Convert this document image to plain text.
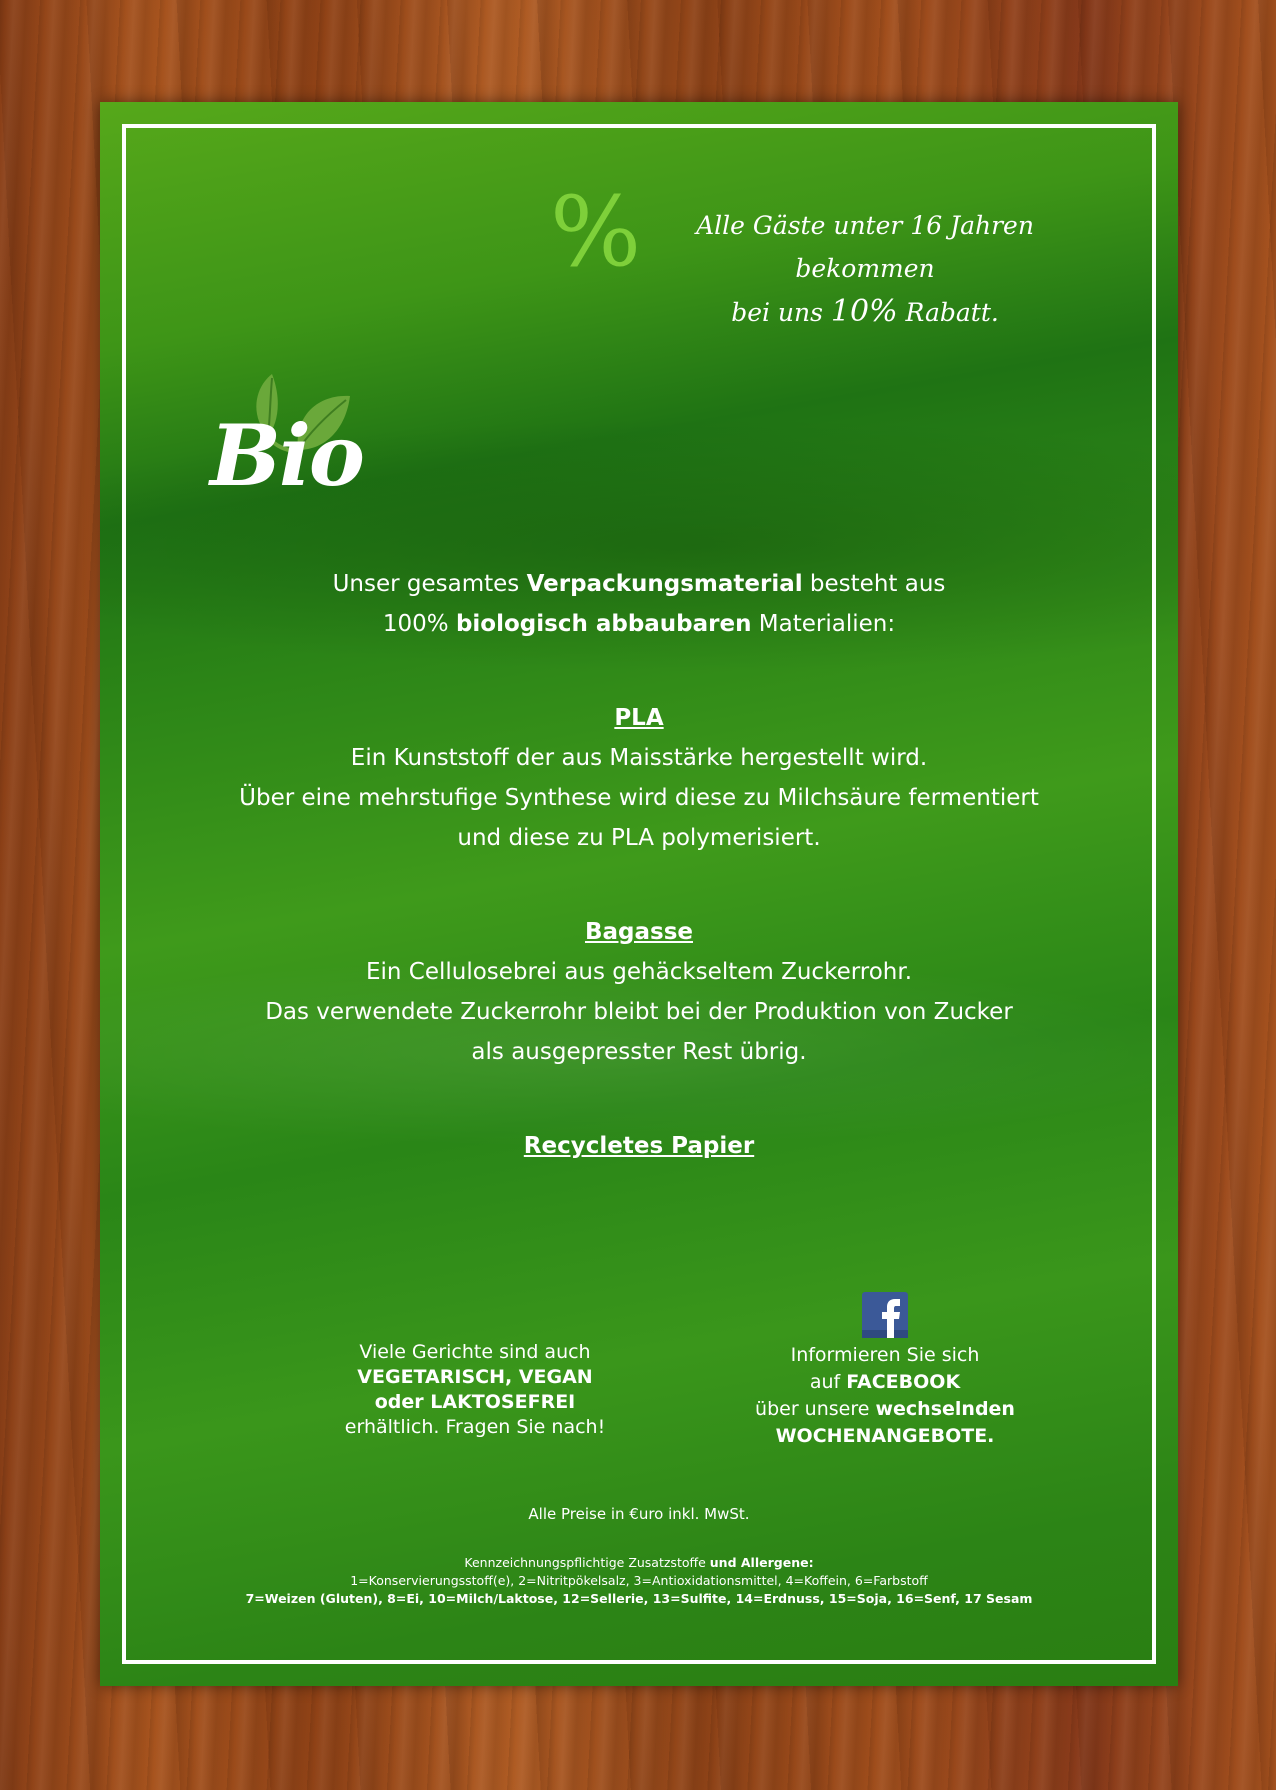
%	Alle Gäste unter 16 Jahren bekommen
bei uns 10% Rabatt.
Bio
Unser gesamtes Verpackungsmaterial besteht aus
100% biologisch abbaubaren Materialien:
PLA
Ein Kunststoff der aus Maisstärke hergestellt wird.
Über eine mehrstufige Synthese wird diese zu Milchsäure fermentiert
und diese zu PLA polymerisiert.
Bagasse
Ein Cellulosebrei aus gehäckseltem Zuckerrohr.
Das verwendete Zuckerrohr bleibt bei der Produktion von Zucker
als ausgepresster Rest übrig.
Recycletes Papier
Viele Gerichte sind auch
VEGETARISCH, VEGAN
oder LAKTOSEFREI
erhältlich. Fragen Sie nach!
Informieren Sie sich
auf FACEBOOK
über unsere wechselnden
WOCHENANGEBOTE.
Alle Preise in €uro inkl. MwSt.
Kennzeichnungspflichtige Zusatzstoffe und Allergene:
1=Konservierungsstoff(e), 2=Nitritpökelsalz, 3=Antioxidationsmittel, 4=Koffein, 6=Farbstoff
7=Weizen (Gluten), 8=Ei, 10=Milch/Laktose, 12=Sellerie, 13=Sulfite, 14=Erdnuss, 15=Soja, 16=Senf, 17 Sesam
